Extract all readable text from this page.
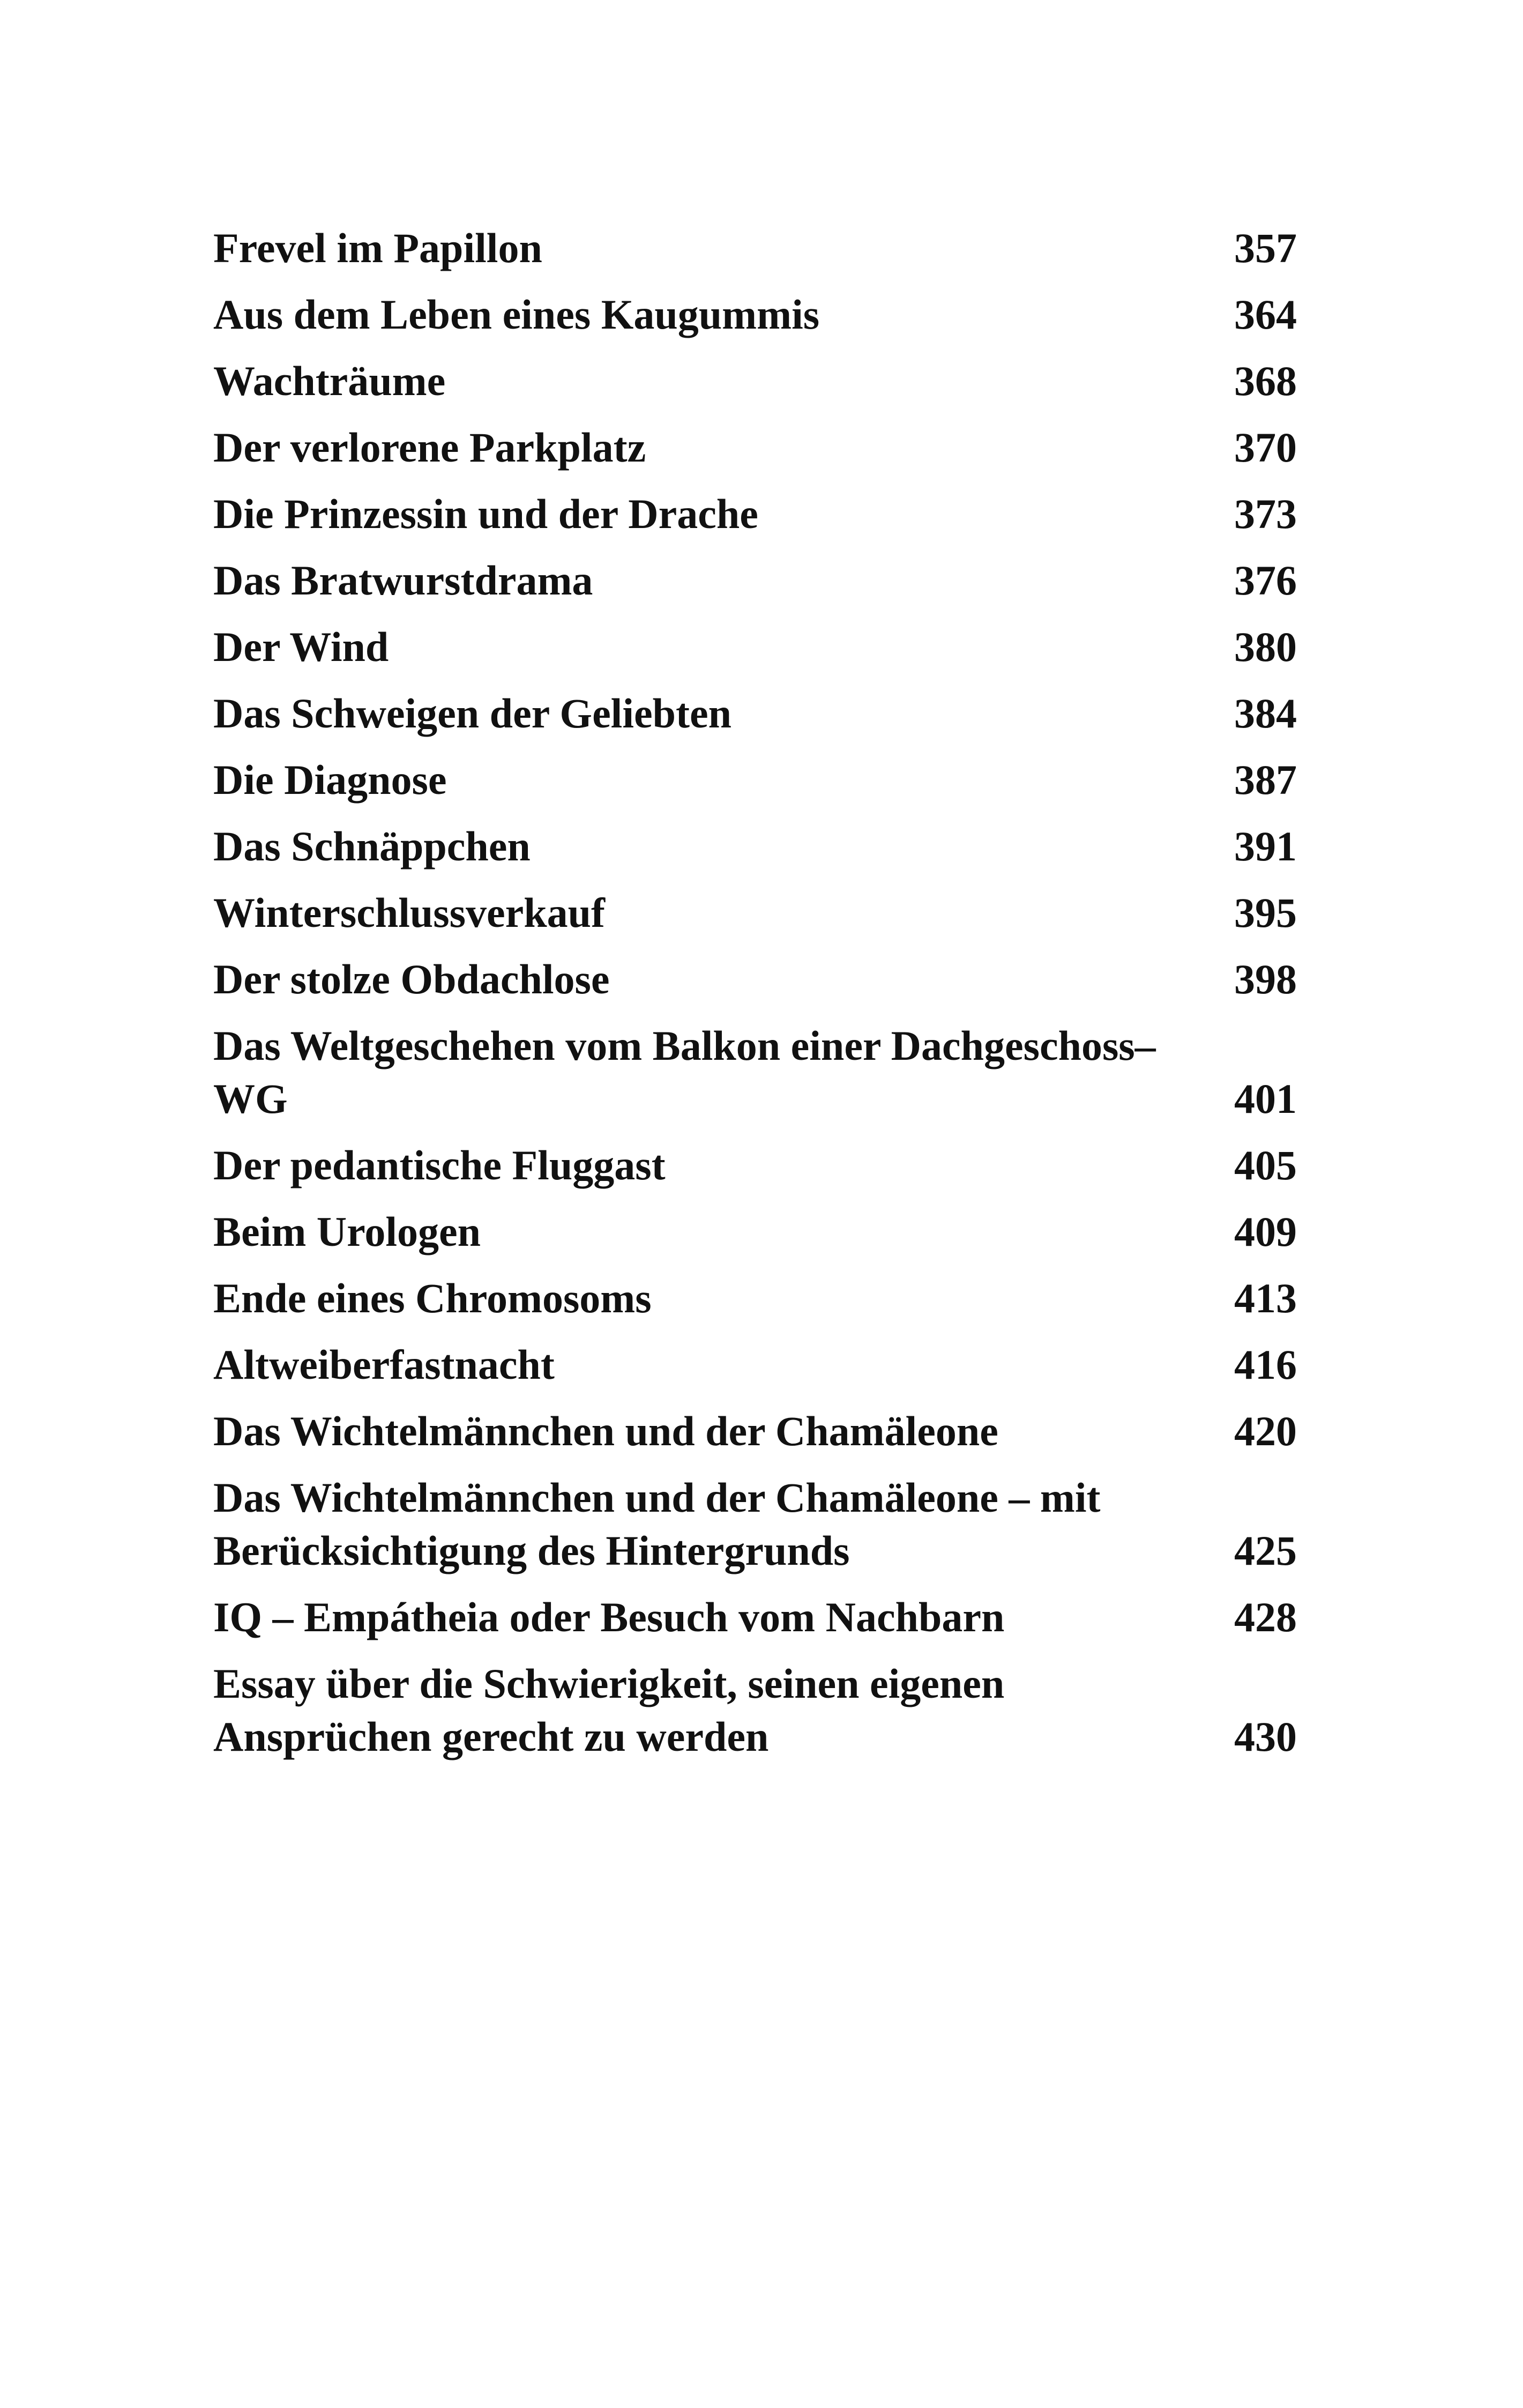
Frevel im Papillon	357
Aus dem Leben eines Kaugummis	364
Wachträume	368
Der verlorene Parkplatz	370
Die Prinzessin und der Drache	373
Das Bratwurstdrama	376
Der Wind	380
Das Schweigen der Geliebten	384
Die Diagnose	387
Das Schnäppchen	391
Winterschlussverkauf	395
Der stolze Obdachlose	398
Das Weltgeschehen vom Balkon einer Dachgeschoss–
WG	401
Der pedantische Fluggast	405
Beim Urologen	409
Ende eines Chromosoms	413
Altweiberfastnacht	416
Das Wichtelmännchen und der Chamäleone	420
Das Wichtelmännchen und der Chamäleone – mit
Berücksichtigung des Hintergrunds	425
IQ – Empátheia oder Besuch vom Nachbarn	428
Essay über die Schwierigkeit, seinen eigenen
Ansprüchen gerecht zu werden	430
